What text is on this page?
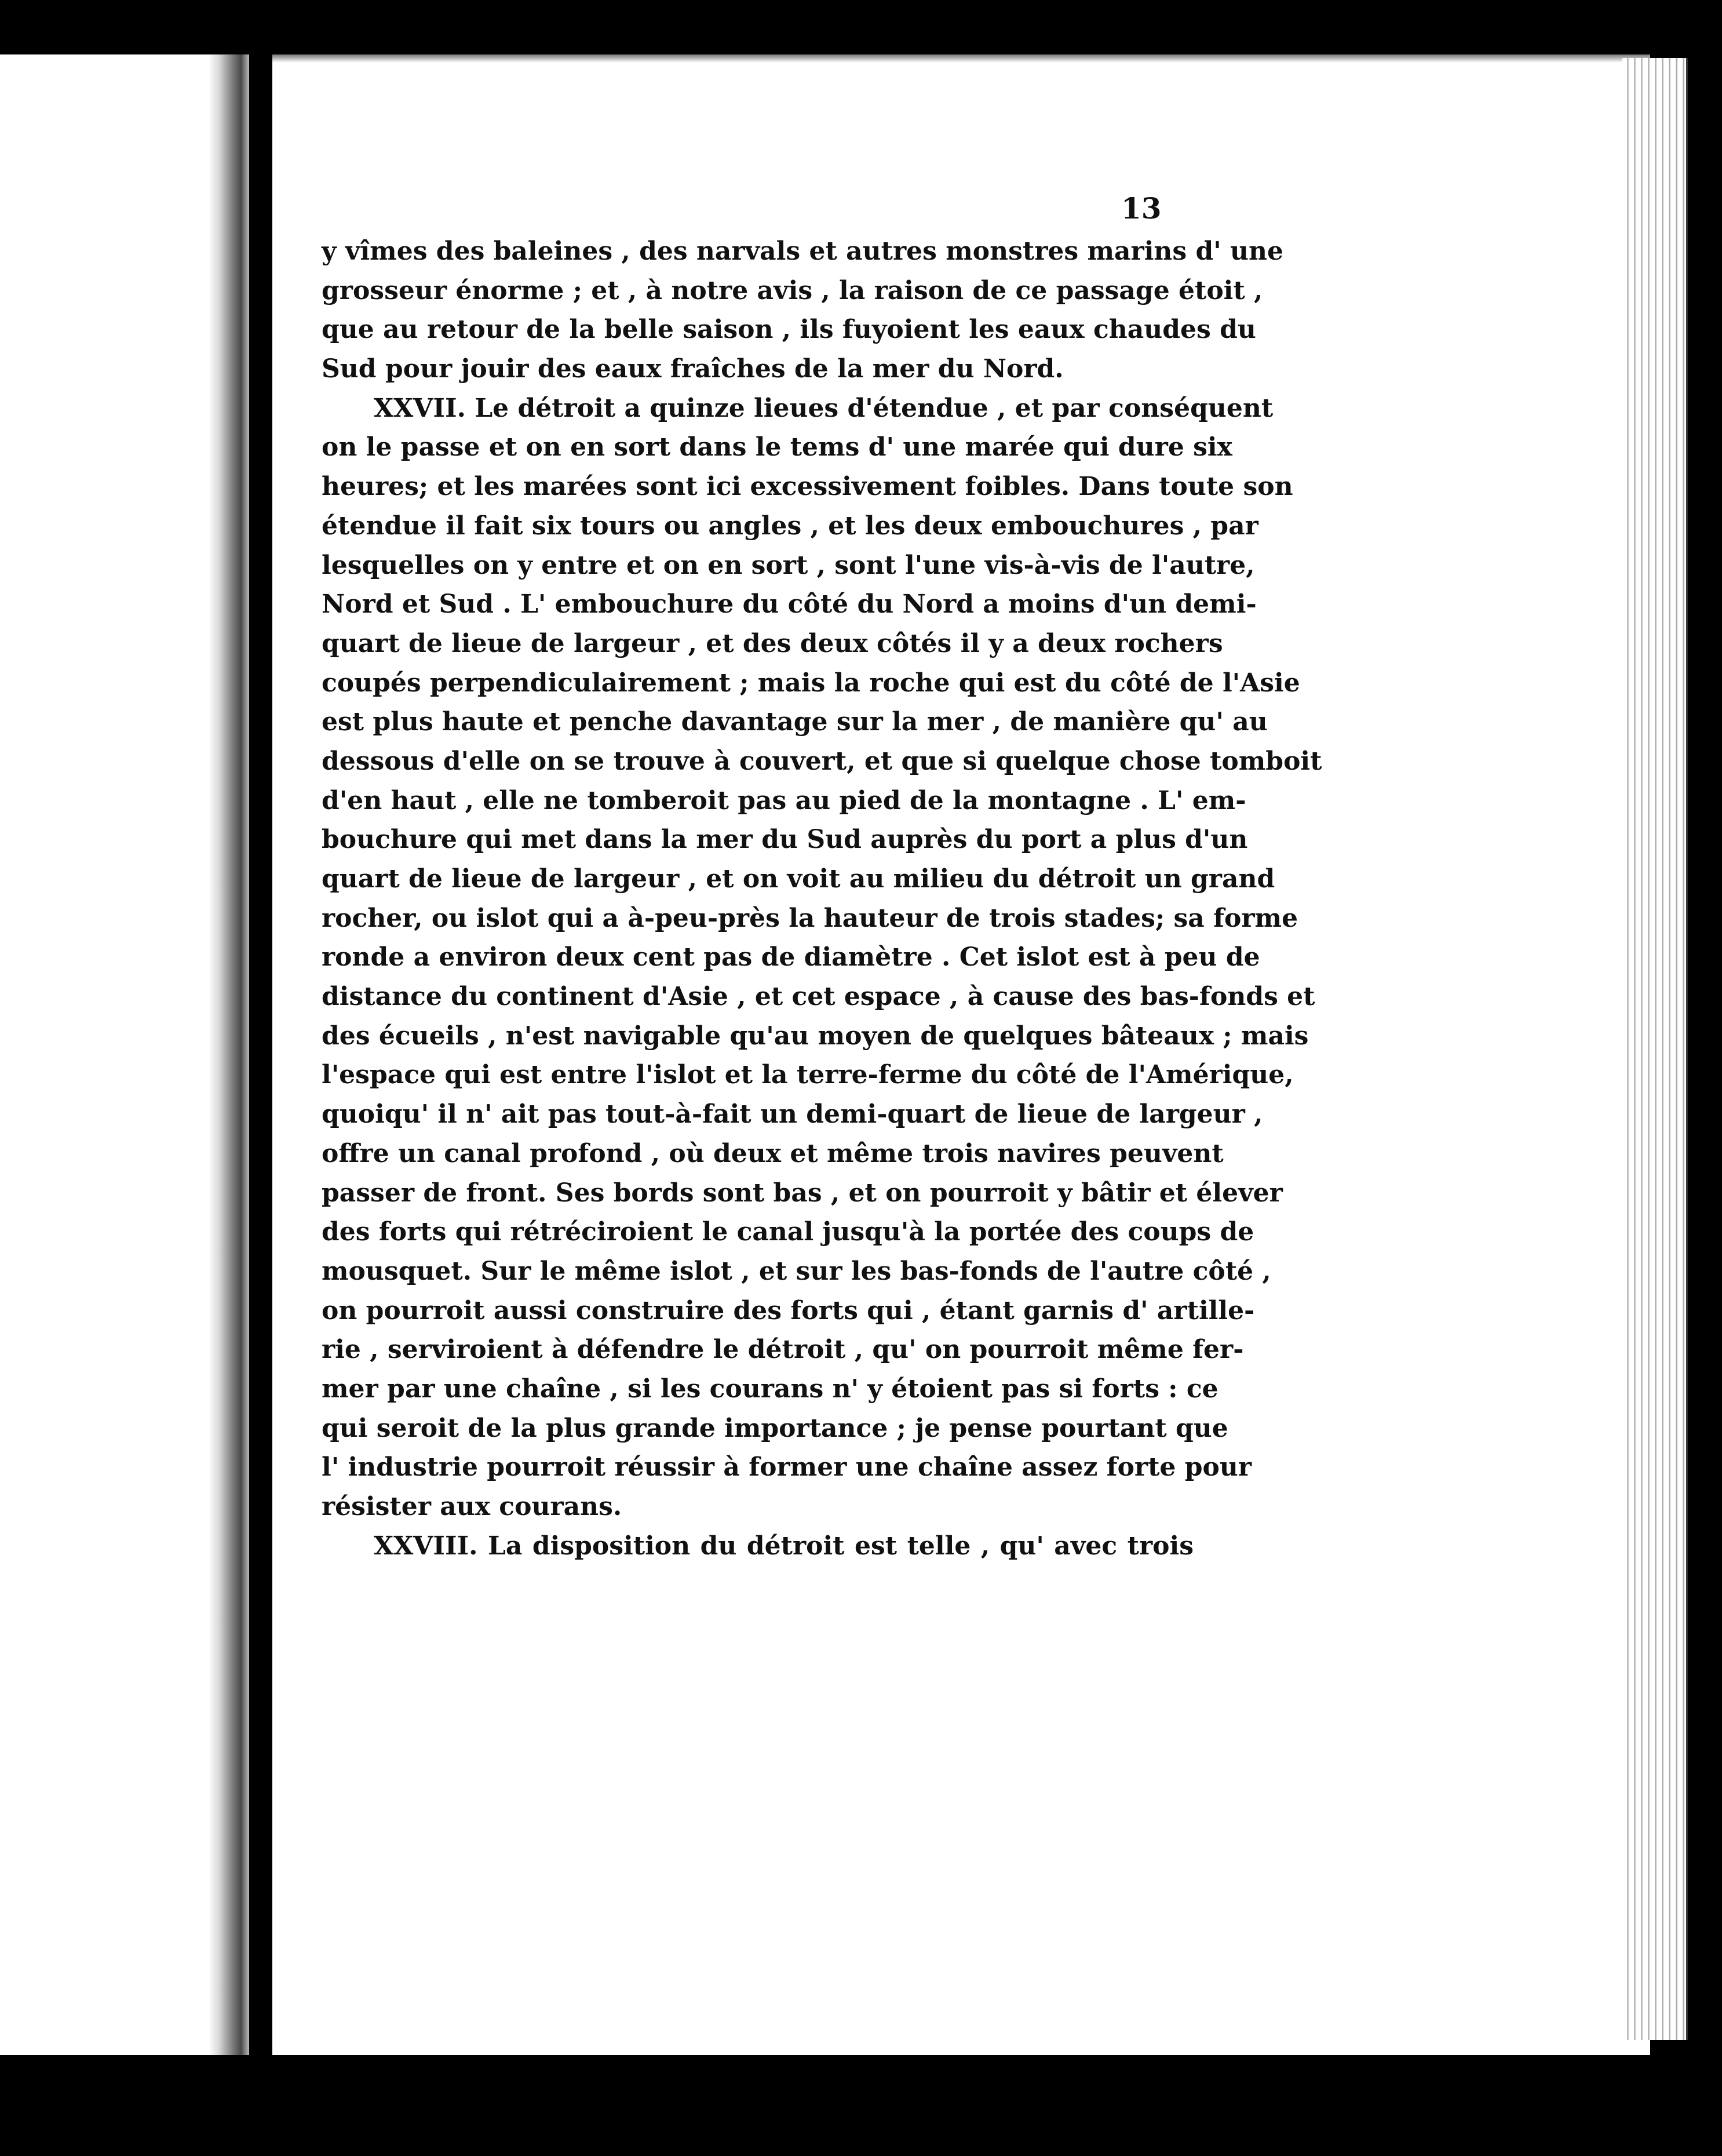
13
y vîmes des baleines , des narvals et autres monstres marins d' une
grosseur énorme ; et , à notre avis , la raison de ce passage étoit ,
que au retour de la belle saison , ils fuyoient les eaux chaudes du
Sud pour jouir des eaux fraîches de la mer du Nord.
XXVII. Le détroit a quinze lieues d'étendue , et par conséquent
on le passe et on en sort dans le tems d' une marée qui dure six
heures; et les marées sont ici excessivement foibles. Dans toute son
étendue il fait six tours ou angles , et les deux embouchures , par
lesquelles on y entre et on en sort , sont l'une vis-à-vis de l'autre,
Nord et Sud . L' embouchure du côté du Nord a moins d'un demi-
quart de lieue de largeur , et des deux côtés il y a deux rochers
coupés perpendiculairement ; mais la roche qui est du côté de l'Asie
est plus haute et penche davantage sur la mer , de manière qu' au
dessous d'elle on se trouve à couvert, et que si quelque chose tomboit
d'en haut , elle ne tomberoit pas au pied de la montagne . L' em-
bouchure qui met dans la mer du Sud auprès du port a plus d'un
quart de lieue de largeur , et on voit au milieu du détroit un grand
rocher, ou islot qui a à-peu-près la hauteur de trois stades; sa forme
ronde a environ deux cent pas de diamètre . Cet islot est à peu de
distance du continent d'Asie , et cet espace , à cause des bas-fonds et
des écueils , n'est navigable qu'au moyen de quelques bâteaux ; mais
l'espace qui est entre l'islot et la terre-ferme du côté de l'Amérique,
quoiqu' il n' ait pas tout-à-fait un demi-quart de lieue de largeur ,
offre un canal profond , où deux et même trois navires peuvent
passer de front. Ses bords sont bas , et on pourroit y bâtir et élever
des forts qui rétréciroient le canal jusqu'à la portée des coups de
mousquet. Sur le même islot , et sur les bas-fonds de l'autre côté ,
on pourroit aussi construire des forts qui , étant garnis d' artille-
rie , serviroient à défendre le détroit , qu' on pourroit même fer-
mer par une chaîne , si les courans n' y étoient pas si forts : ce
qui seroit de la plus grande importance ; je pense pourtant que
l' industrie pourroit réussir à former une chaîne assez forte pour
résister aux courans.
XXVIII. La disposition du détroit est telle , qu' avec trois
